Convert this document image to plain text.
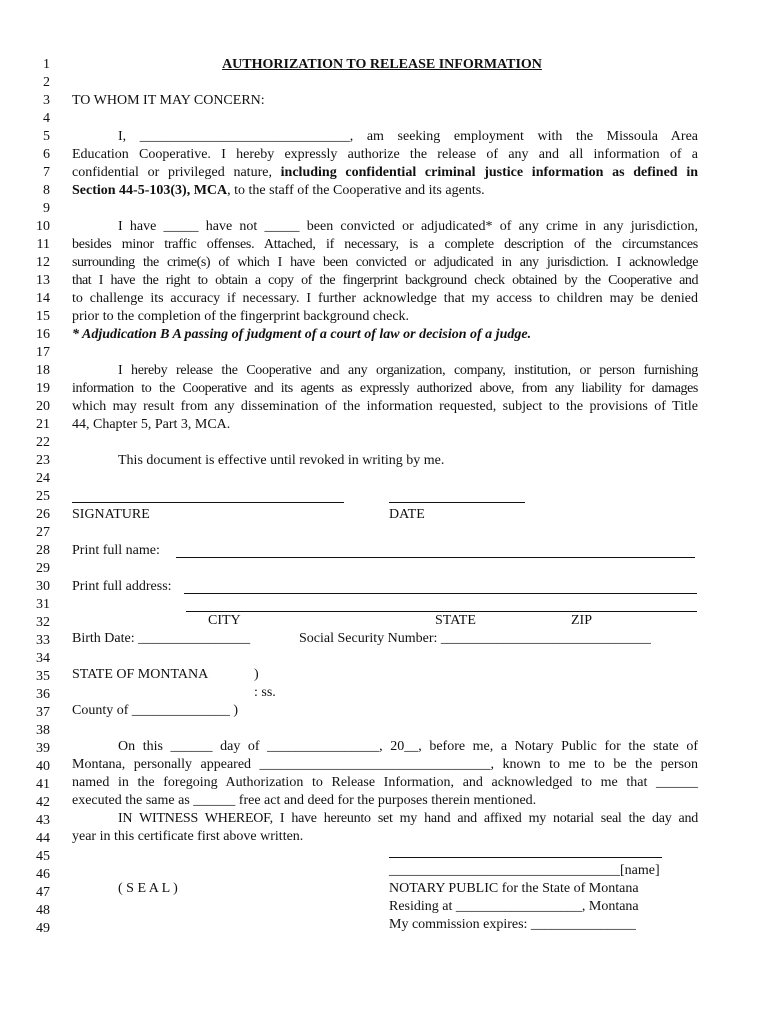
1
2
3
4
5
6
7
8
9
10
11
12
13
14
15
16
17
18
19
20
21
22
23
24
25
26
27
28
29
30
31
32
33
34
35
36
37
38
39
40
41
42
43
44
45
46
47
48
49
AUTHORIZATION TO RELEASE INFORMATION
TO WHOM IT MAY CONCERN:
I, ______________________________, am seeking employment with the Missoula Area
Education Cooperative. I hereby expressly authorize the release of any and all information of a
confidential or privileged nature, including confidential criminal justice information as defined in
Section 44-5-103(3), MCA, to the staff of the Cooperative and its agents.
I have _____ have not _____ been convicted or adjudicated* of any crime in any jurisdiction,
besides minor traffic offenses. Attached, if necessary, is a complete description of the circumstances
surrounding the crime(s) of which I have been convicted or adjudicated in any jurisdiction. I acknowledge
that I have the right to obtain a copy of the fingerprint background check obtained by the Cooperative and
to challenge its accuracy if necessary. I further acknowledge that my access to children may be denied
prior to the completion of the fingerprint background check.
* Adjudication B A passing of judgment of a court of law or decision of a judge.
I hereby release the Cooperative and any organization, company, institution, or person furnishing
information to the Cooperative and its agents as expressly authorized above, from any liability for damages
which may result from any dissemination of the information requested, subject to the provisions of Title
44, Chapter 5, Part 3, MCA.
This document is effective until revoked in writing by me.
SIGNATURE	DATE
Print full name:
Print full address:
CITY	STATE	ZIP
Birth Date: ________________	Social Security Number: ______________________________
STATE OF MONTANA	)
: ss.
County of ______________ )
On this ______ day of ________________, 20__, before me, a Notary Public for the state of
Montana, personally appeared _________________________________, known to me to be the person
named in the foregoing Authorization to Release Information, and acknowledged to me that ______
executed the same as ______ free act and deed for the purposes therein mentioned.
IN WITNESS WHEREOF, I have hereunto set my hand and affixed my notarial seal the day and
year in this certificate first above written.
_________________________________[name]
( S E A L )	NOTARY PUBLIC for the State of Montana
Residing at __________________, Montana
My commission expires: _______________
